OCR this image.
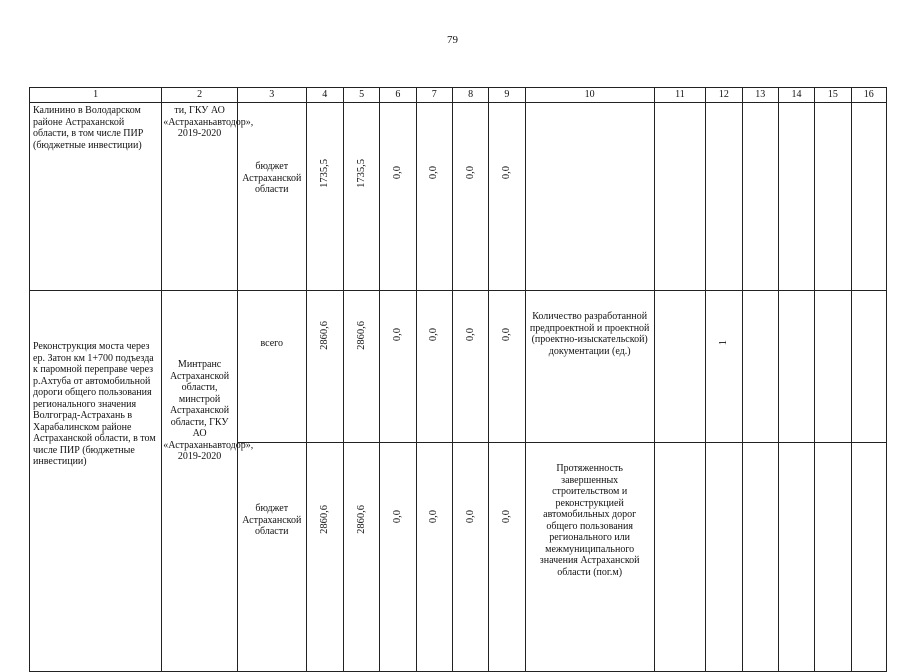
79
1	2	3	4	5	6	7	8	9	10	11	12	13	14	15	16
Калинино в Володарском районе Астраханской области, в том числе ПИР (бюджетные инвестиции)	ти, ГКУ АО «Астраханьавтодор», 2019-2020	бюджет Астраханской области	1735,5	1735,5	0,0	0,0	0,0	0,0							
Реконструкция моста через ер. Затон км 1+700 подъезда к паромной переправе через р.Ахтуба от автомобильной дороги общего пользования регионального значения Волгоград-Астрахань в Харабалинском районе Астраханской области, в том числе ПИР (бюджетные инвестиции)	Минтранс Астраханской области, минстрой Астраханской области, ГКУ АО «Астраханьавтодор», 2019-2020	всего	2860,6	2860,6	0,0	0,0	0,0	0,0	Количество разработанной предпроектной и проектной (проектно-изыскательской) документации (ед.)		1				
		бюджет Астраханской области	2860,6	2860,6	0,0	0,0	0,0	0,0	Протяженность завершенных строительством и реконструкцией автомобильных дорог общего пользования регионального или межмуниципального значения Астраханской области (пог.м)						
